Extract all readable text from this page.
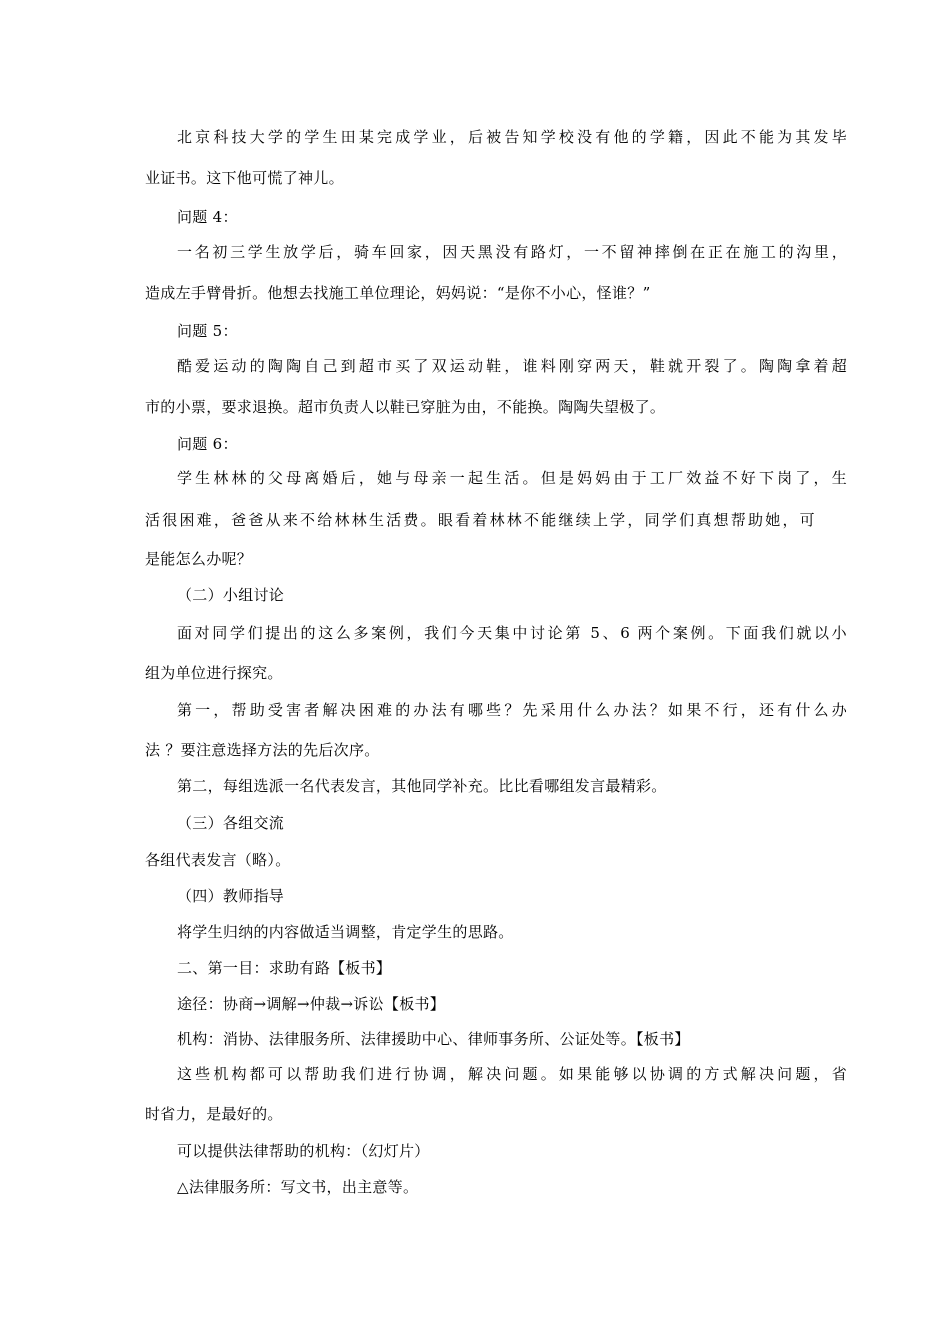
北京科技大学的学生田某完成学业，后被告知学校没有他的学籍，因此不能为其发毕
业证书。这下他可慌了神儿。
问题 4：
一名初三学生放学后，骑车回家，因天黑没有路灯，一不留神摔倒在正在施工的沟里，
造成左手臂骨折。他想去找施工单位理论，妈妈说：“是你不小心，怪谁？”
问题 5：
酷爱运动的陶陶自己到超市买了双运动鞋，谁料刚穿两天，鞋就开裂了。陶陶拿着超
市的小票，要求退换。超市负责人以鞋已穿脏为由，不能换。陶陶失望极了。
问题 6：
学生林林的父母离婚后，她与母亲一起生活。但是妈妈由于工厂效益不好下岗了，生
活很困难，爸爸从来不给林林生活费。眼看着林林不能继续上学，同学们真想帮助她，可
是能怎么办呢？
（二）小组讨论
面对同学们提出的这么多案例，我们今天集中讨论第 5、6 两个案例。下面我们就以小
组为单位进行探究。
第一，帮助受害者解决困难的办法有哪些？先采用什么办法？如果不行，还有什么办
法 ？要注意选择方法的先后次序。
第二，每组选派一名代表发言，其他同学补充。比比看哪组发言最精彩。
（三）各组交流
各组代表发言（略）。
（四）教师指导
将学生归纳的内容做适当调整，肯定学生的思路。
二、第一目：求助有路【板书】
途径：协商→调解→仲裁→诉讼【板书】
机构：消协、法律服务所、法律援助中心、律师事务所、公证处等。【板书】
这些机构都可以帮助我们进行协调，解决问题。如果能够以协调的方式解决问题，省
时省力，是最好的。
可以提供法律帮助的机构：（幻灯片）
△法律服务所：写文书，出主意等。
